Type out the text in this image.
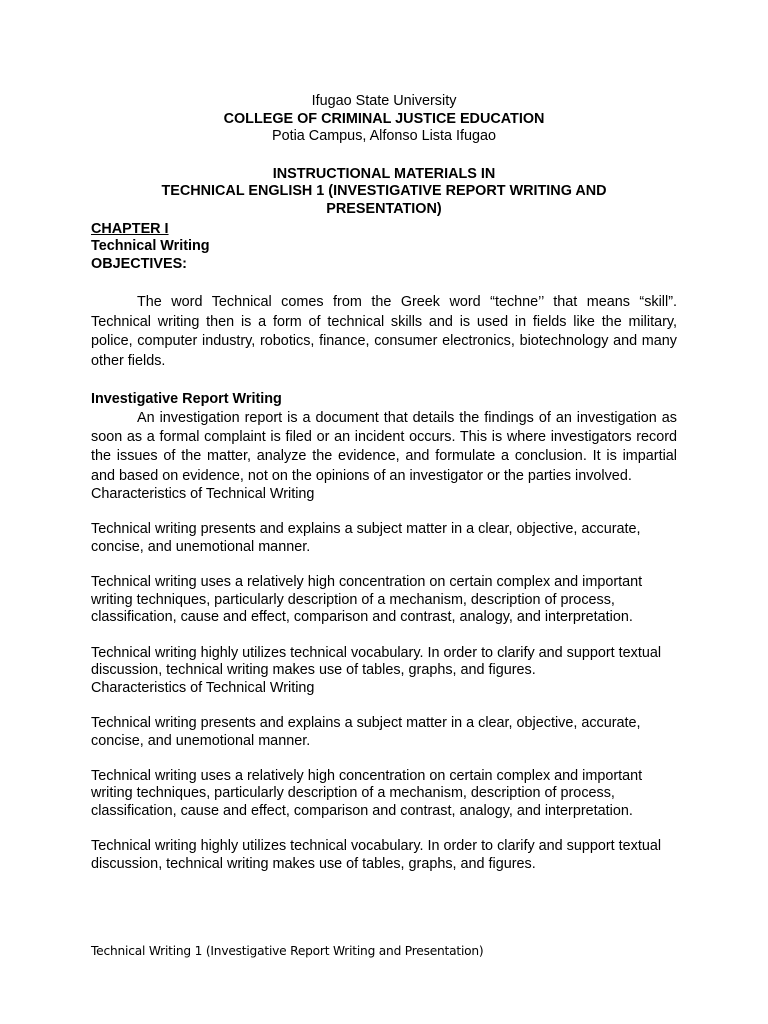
Ifugao State University
COLLEGE OF CRIMINAL JUSTICE EDUCATION
Potia Campus, Alfonso Lista Ifugao
INSTRUCTIONAL MATERIALS IN
TECHNICAL ENGLISH 1 (INVESTIGATIVE REPORT WRITING AND PRESENTATION)
CHAPTER I
Technical Writing
OBJECTIVES:

The word Technical comes from the Greek word “techne’’ that means “skill”. Technical writing then is a form of technical skills and is used in fields like the military, police, computer industry, robotics, finance, consumer electronics, biotechnology and many other fields.

Investigative Report Writing

An investigation report is a document that details the findings of an investigation as soon as a formal complaint is filed or an incident occurs. This is where investigators record the issues of the matter, analyze the evidence, and formulate a conclusion. It is impartial and based on evidence, not on the opinions of an investigator or the parties involved.

Characteristics of Technical Writing

Technical writing presents and explains a subject matter in a clear, objective, accurate, concise, and unemotional manner.

Technical writing uses a relatively high concentration on certain complex and important writing techniques, particularly description of a mechanism, description of process, classification, cause and effect, comparison and contrast, analogy, and interpretation.

Technical writing highly utilizes technical vocabulary. In order to clarify and support textual discussion, technical writing makes use of tables, graphs, and figures.

Characteristics of Technical Writing

Technical writing presents and explains a subject matter in a clear, objective, accurate, concise, and unemotional manner.

Technical writing uses a relatively high concentration on certain complex and important writing techniques, particularly description of a mechanism, description of process, classification, cause and effect, comparison and contrast, analogy, and interpretation.

Technical writing highly utilizes technical vocabulary. In order to clarify and support textual discussion, technical writing makes use of tables, graphs, and figures.

Technical Writing 1 (Investigative Report Writing and Presentation)
